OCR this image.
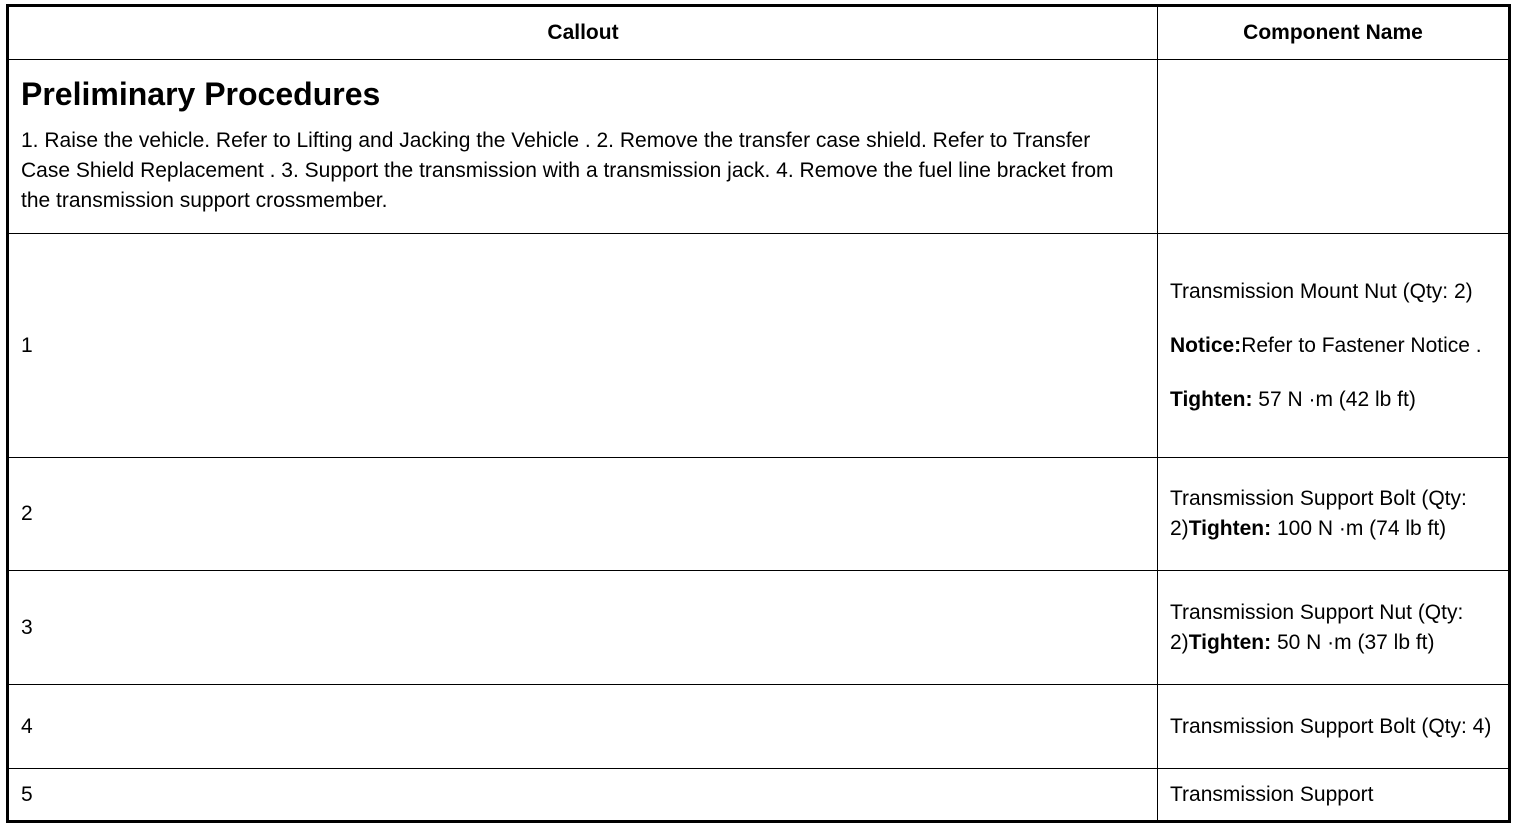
Callout	Component Name

Preliminary Procedures
1. Raise the vehicle. Refer to Lifting and Jacking the Vehicle . 2. Remove the transfer case shield. Refer to Transfer Case Shield Replacement . 3. Support the transmission with a transmission jack. 4. Remove the fuel line bracket from the transmission support crossmember.	

1	Transmission Mount Nut (Qty: 2)

Notice:Refer to Fastener Notice .

Tighten: 57 N ·m (42 lb ft)

2	Transmission Support Bolt (Qty: 2)Tighten: 100 N ·m (74 lb ft)
3	Transmission Support Nut (Qty: 2)Tighten: 50 N ·m (37 lb ft)
4	Transmission Support Bolt (Qty: 4)
5	Transmission Support
